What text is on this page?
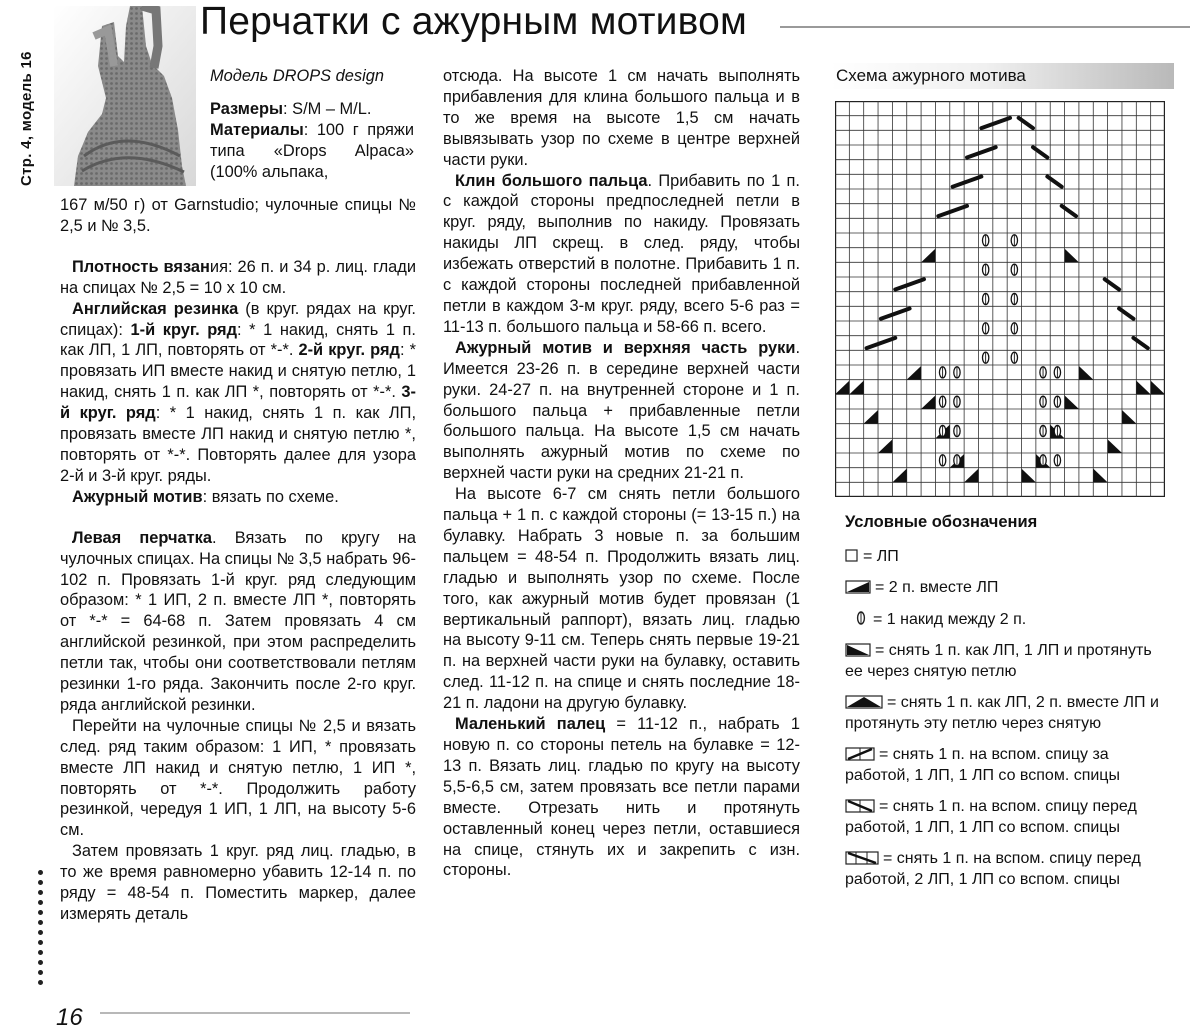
Стр. 4, модель 16
Перчатки с ажурным мотивом

Модель DROPS design

Размеры: S/M – M/L.

Материалы: 100 г пряжи типа «Drops Alpaca» (100% альпака,

167 м/50 г) от Garnstudio; чулочные спицы № 2,5 и № 3,5.

Плотность вязания: 26 п. и 34 р. лиц. глади на спицах № 2,5 = 10 х 10 см.

Английская резинка (в круг. рядах на круг. спицах): 1-й круг. ряд: * 1 накид, снять 1 п. как ЛП, 1 ЛП, повторять от *-*. 2-й круг. ряд: * провязать ИП вместе накид и снятую петлю, 1 накид, снять 1 п. как ЛП *, повторять от *-*. 3-й круг. ряд: * 1 накид, снять 1 п. как ЛП, провязать вместе ЛП накид и снятую петлю *, повторять от *-*. Повторять далее для узора 2-й и 3-й круг. ряды.

Ажурный мотив: вязать по схеме.

Левая перчатка. Вязать по кругу на чулочных спицах. На спицы № 3,5 набрать 96-102 п. Провязать 1-й круг. ряд следующим образом: * 1 ИП, 2 п. вместе ЛП *, повторять от *-* = 64-68 п. Затем провязать 4 см английской резинкой, при этом распределить петли так, чтобы они соответствовали петлям резинки 1-го ряда. Закончить после 2-го круг. ряда английской резинки.

Перейти на чулочные спицы № 2,5 и вязать след. ряд таким образом: 1 ИП, * провязать вместе ЛП накид и снятую петлю, 1 ИП *, повторять от *-*. Продолжить работу резинкой, чередуя 1 ИП, 1 ЛП, на высоту 5-6 см.

Затем провязать 1 круг. ряд лиц. гладью, в то же время равномерно убавить 12-14 п. по ряду = 48-54 п. Поместить маркер, далее измерять деталь

16

отсюда. На высоте 1 см начать выполнять прибавления для клина большого пальца и в то же время на высоте 1,5 см начать вывязывать узор по схеме в центре верхней части руки.

Клин большого пальца. Прибавить по 1 п. с каждой стороны предпоследней петли в круг. ряду, выполнив по накиду. Провязать накиды ЛП скрещ. в след. ряду, чтобы избежать отверстий в полотне. Прибавить 1 п. с каждой стороны последней прибавленной петли в каждом 3-м круг. ряду, всего 5-6 раз = 11-13 п. большого пальца и 58-66 п. всего.

Ажурный мотив и верхняя часть руки. Имеется 23-26 п. в середине верхней части руки. 24-27 п. на внутренней стороне и 1 п. большого пальца + прибавленные петли большого пальца. На высоте 1,5 см начать выполнять ажурный мотив по схеме по верхней части руки на средних 21-21 п.

На высоте 6-7 см снять петли большого пальца + 1 п. с каждой стороны (= 13-15 п.) на булавку. Набрать 3 новые п. за большим пальцем = 48-54 п. Продолжить вязать лиц. гладью и выполнять узор по схеме. После того, как ажурный мотив будет провязан (1 вертикальный раппорт), вязать лиц. гладью на высоту 9-11 см. Теперь снять первые 19-21 п. на верхней части руки на булавку, оставить след. 11-12 п. на спице и снять последние 18-21 п. ладони на другую булавку.

Маленький палец = 11-12 п., набрать 1 новую п. со стороны петель на булавке = 12-13 п. Вязать лиц. гладью по кругу на высоту 5,5-6,5 см, затем провязать все петли парами вместе. Отрезать нить и протянуть оставленный конец через петли, оставшиеся на спице, стянуть их и закрепить с изн. стороны.

Схема ажурного мотива
Условные обозначения
= ЛП
= 2 п. вместе ЛП
= 1 накид между 2 п.
= снять 1 п. как ЛП, 1 ЛП и протянуть ее через снятую петлю
= снять 1 п. как ЛП, 2 п. вместе ЛП и протянуть эту петлю через снятую
= снять 1 п. на вспом. спицу за работой, 1 ЛП, 1 ЛП со вспом. спицы
= снять 1 п. на вспом. спицу перед работой, 1 ЛП, 1 ЛП со вспом. спицы
= снять 1 п. на вспом. спицу перед работой, 2 ЛП, 1 ЛП со вспом. спицы
